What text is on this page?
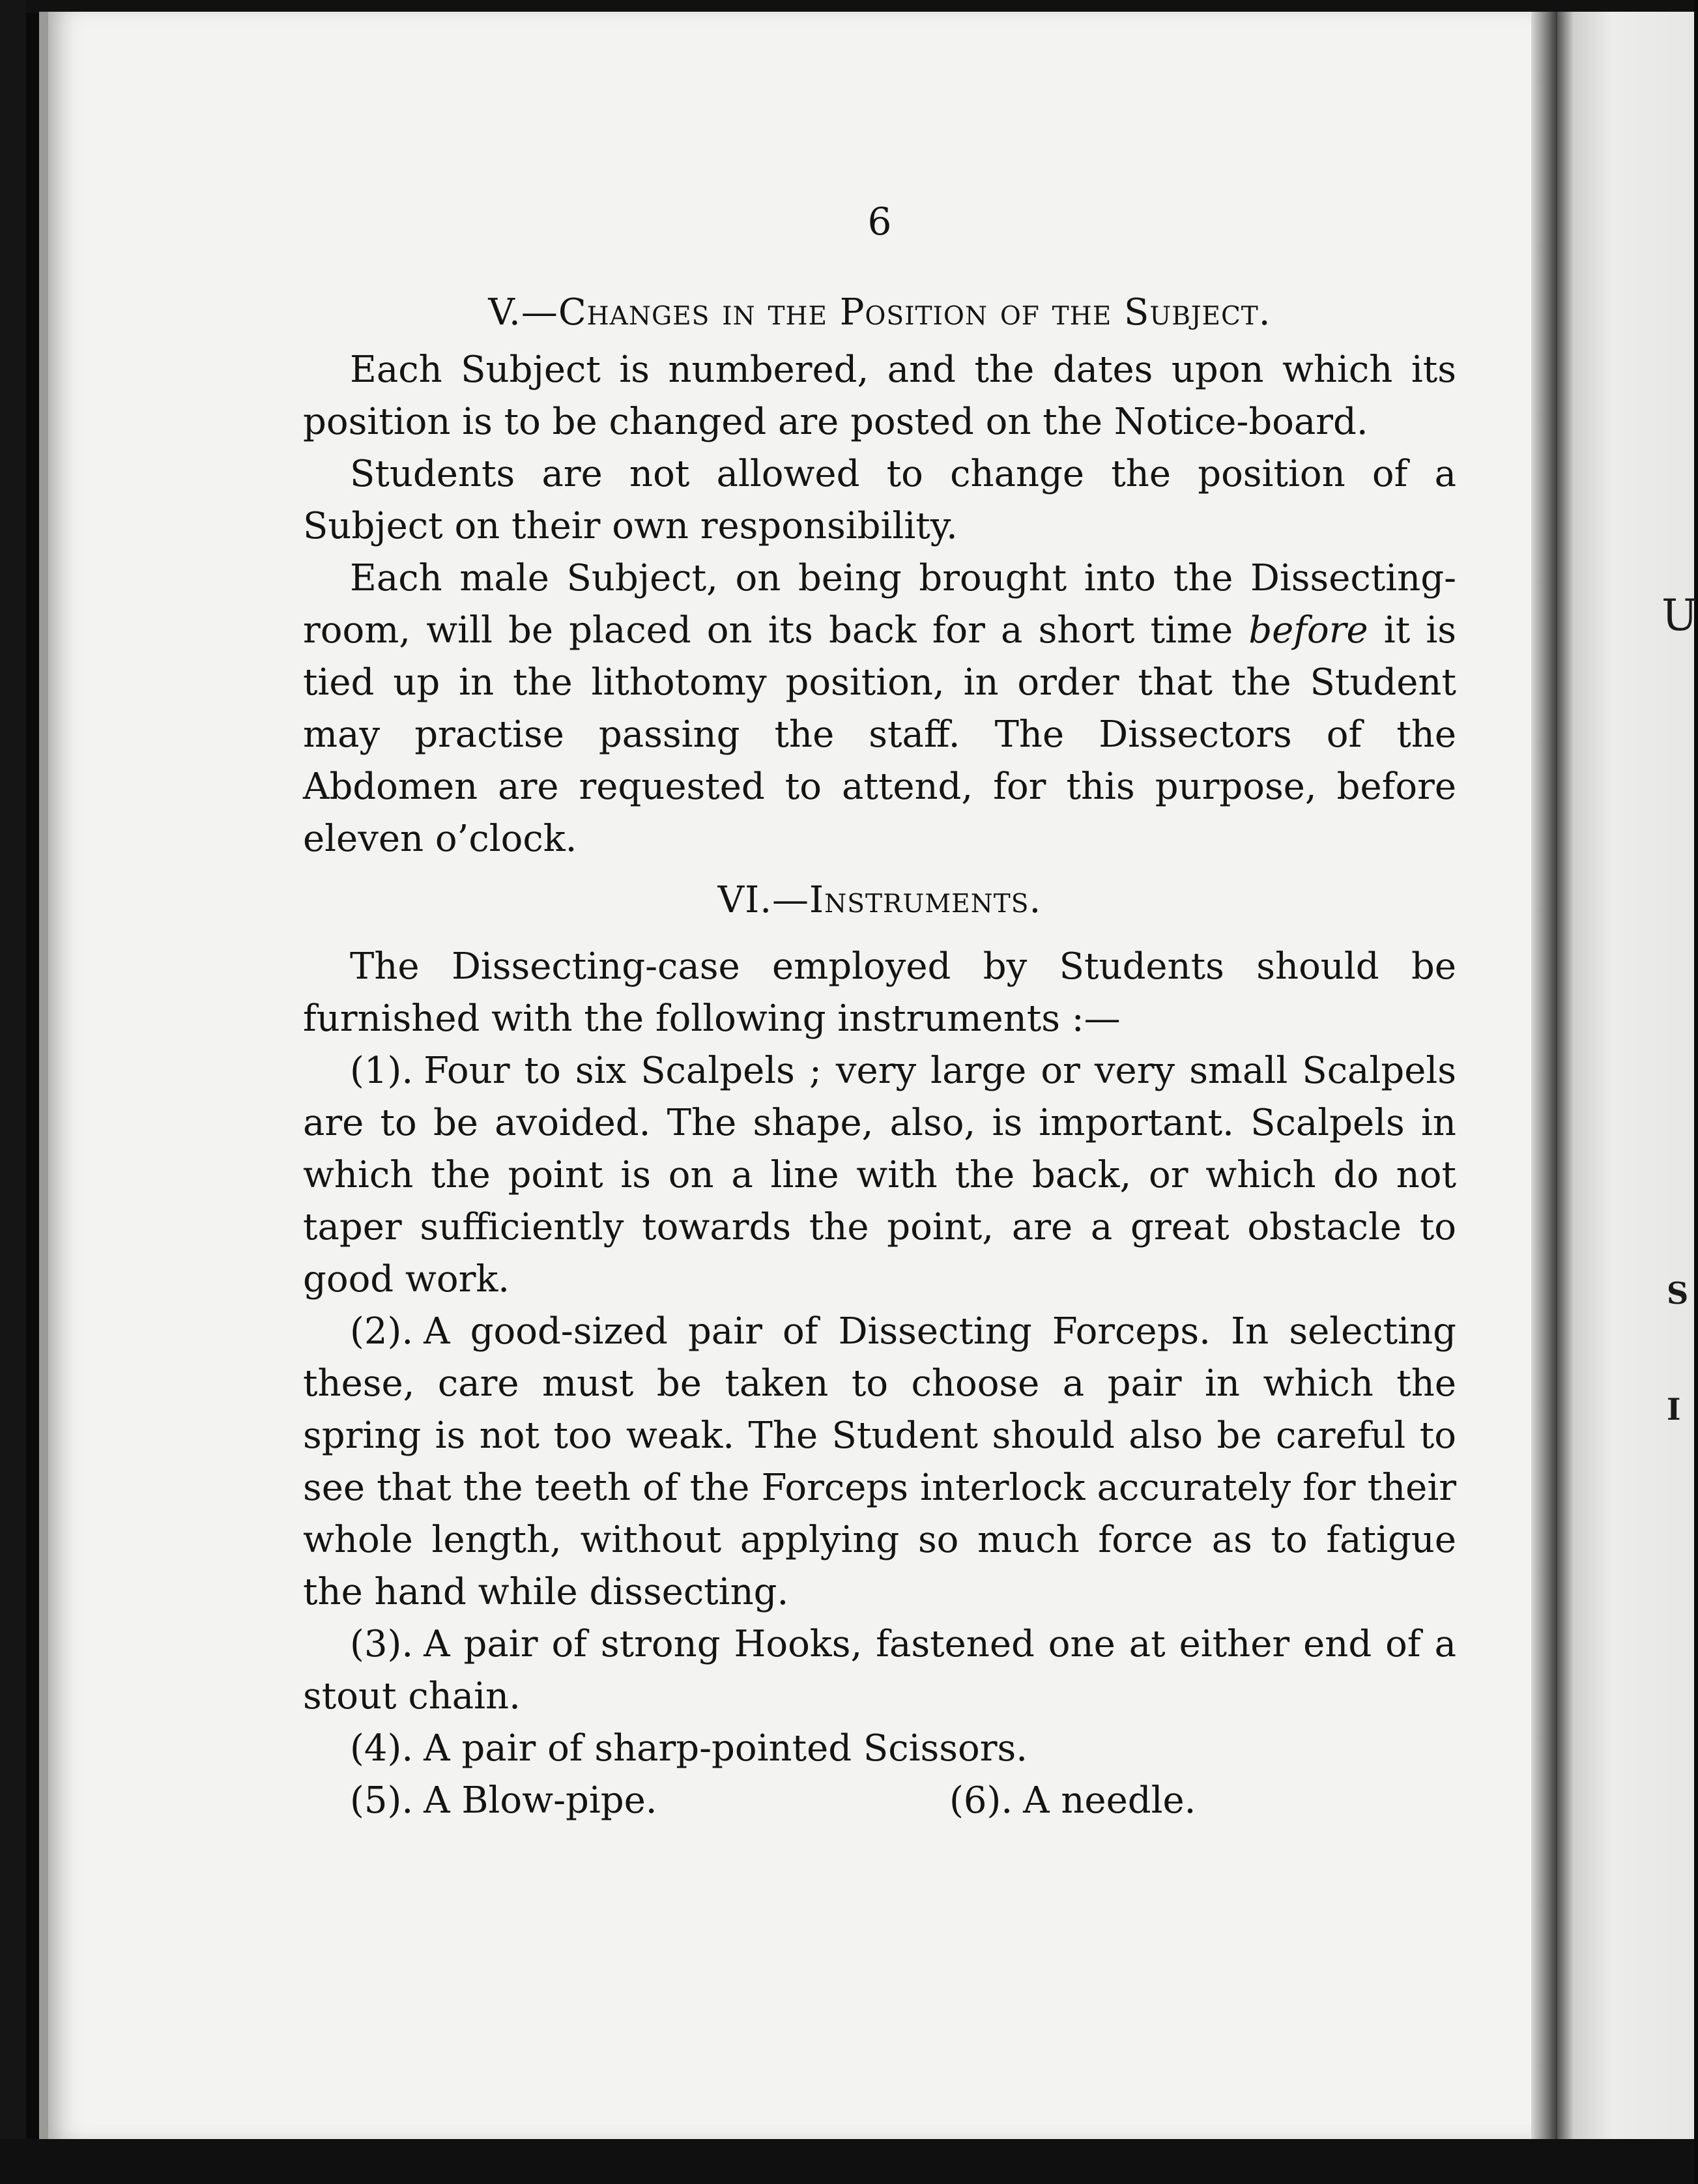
U
S
I
6
V.—Changes in the Position of the Subject.

Each Subject is numbered, and the dates upon which its position is to be changed are posted on the Notice-board.

Students are not allowed to change the position of a Subject on their own responsibility.

Each male Subject, on being brought into the Dissecting-room, will be placed on its back for a short time before it is tied up in the lithotomy position, in order that the Student may practise passing the staff. The Dissectors of the Abdomen are requested to attend, for this purpose, before eleven o’clock.

VI.—Instruments.

The Dissecting-case employed by Students should be furnished with the following instruments :—

(1). Four to six Scalpels ; very large or very small Scalpels are to be avoided. The shape, also, is important. Scalpels in which the point is on a line with the back, or which do not taper sufficiently towards the point, are a great obstacle to good work.

(2). A good-sized pair of Dissecting Forceps. In selecting these, care must be taken to choose a pair in which the spring is not too weak. The Student should also be careful to see that the teeth of the Forceps interlock accurately for their whole length, without applying so much force as to fatigue the hand while dissecting.

(3). A pair of strong Hooks, fastened one at either end of a stout chain.

(4). A pair of sharp-pointed Scissors.

(5). A Blow-pipe.	(6). A needle.
